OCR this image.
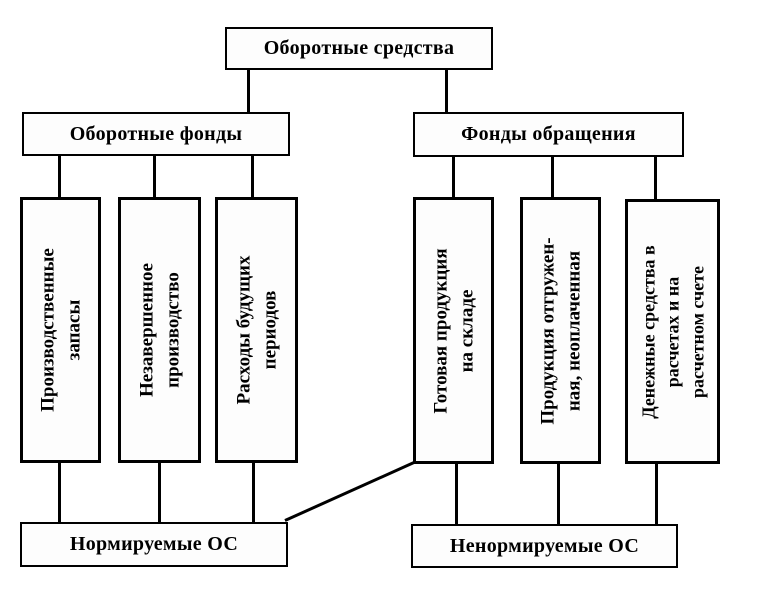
Оборотные средства
Оборотные фонды	Фонды обращения
Производственные запасы	Незавершенное производство	Расходы будущих периодов	Готовая продукция на складе	Продукция отгружен- ная, неоплаченная	Денежные средства в расчетах и на расчетном счете
Нормируемые ОС	Ненормируемые ОС
